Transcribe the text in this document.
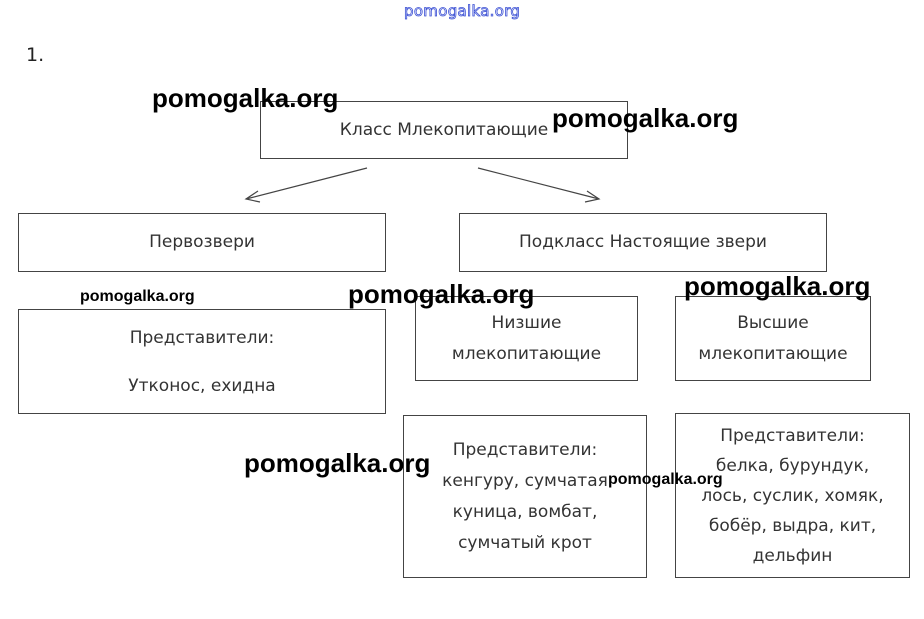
pomogalka.org
1.
Класс Млекопитающие
Первозвери
Представители:
Утконос, ехидна
Подкласс Настоящие звери
Низшие
млекопитающие
Высшие
млекопитающие
Представители:
кенгуру, сумчатая
куница, вомбат,
сумчатый крот
Представители:
белка, бурундук,
лось, суслик, хомяк,
бобёр, выдра, кит,
дельфин
pomogalka.org
pomogalka.org
pomogalka.org	pomogalka.org	pomogalka.org
pomogalka.org
pomogalka.org
